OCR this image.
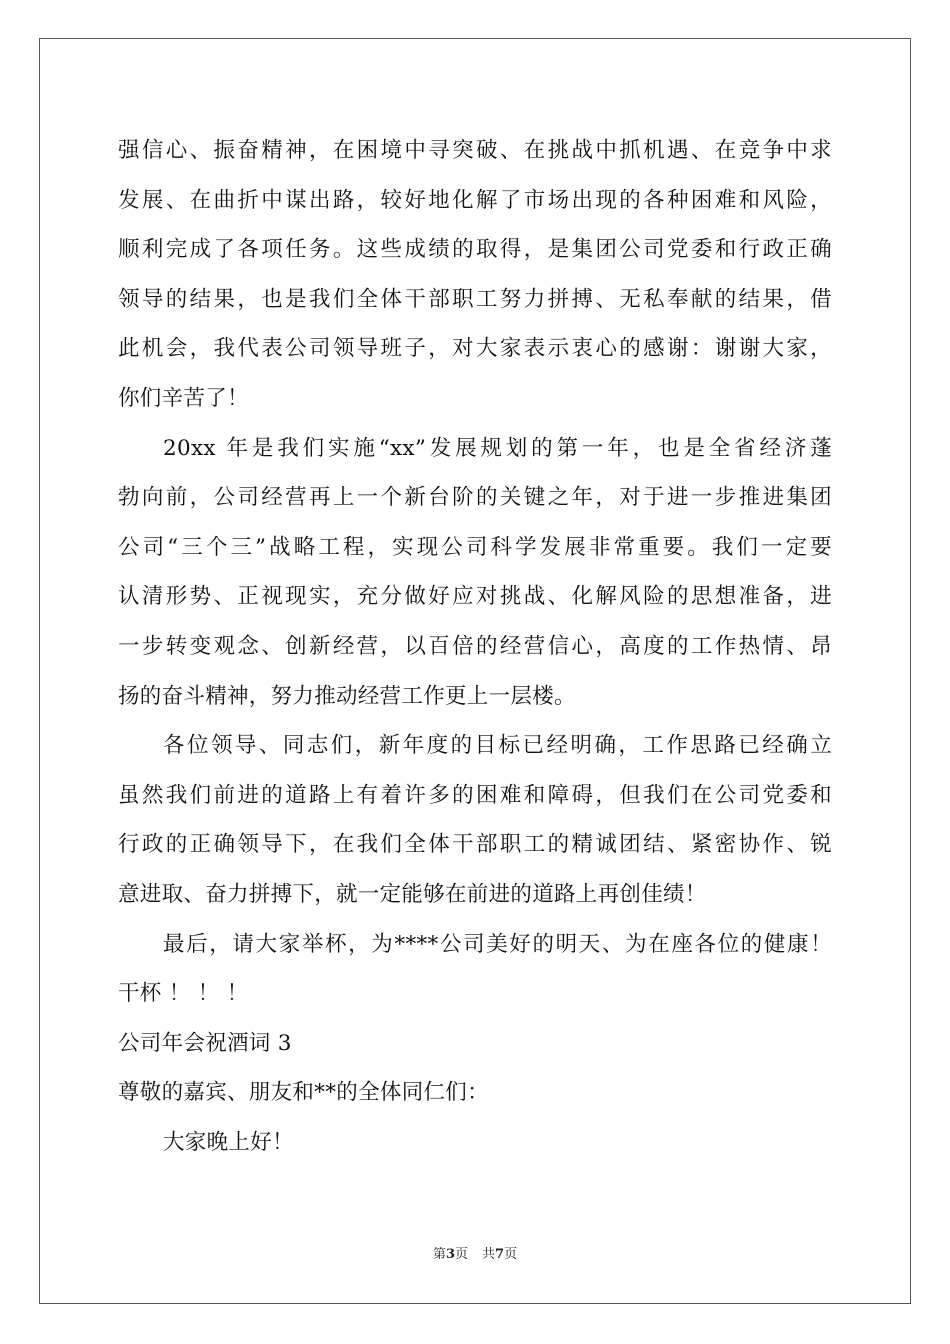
强信心、振奋精神，在困境中寻突破、在挑战中抓机遇、在竞争中求
发展、在曲折中谋出路，较好地化解了市场出现的各种困难和风险，
顺利完成了各项任务。这些成绩的取得，是集团公司党委和行政正确
领导的结果，也是我们全体干部职工努力拼搏、无私奉献的结果，借
此机会，我代表公司领导班子，对大家表示衷心的感谢：谢谢大家，
你们辛苦了！
20xx 年是我们实施“xx”发展规划的第一年，也是全省经济蓬
勃向前，公司经营再上一个新台阶的关键之年，对于进一步推进集团
公司“三个三”战略工程，实现公司科学发展非常重要。我们一定要
认清形势、正视现实，充分做好应对挑战、化解风险的思想准备，进
一步转变观念、创新经营，以百倍的经营信心，高度的工作热情、昂
扬的奋斗精神，努力推动经营工作更上一层楼。
各位领导、同志们，新年度的目标已经明确，工作思路已经确立
虽然我们前进的道路上有着许多的困难和障碍，但我们在公司党委和
行政的正确领导下，在我们全体干部职工的精诚团结、紧密协作、锐
意进取、奋力拼搏下，就一定能够在前进的道路上再创佳绩！
最后，请大家举杯，为****公司美好的明天、为在座各位的健康！
干杯 ！ ！ ！
公司年会祝酒词 3
尊敬的嘉宾、朋友和**的全体同仁们：
大家晚上好！
第3页 共7页
